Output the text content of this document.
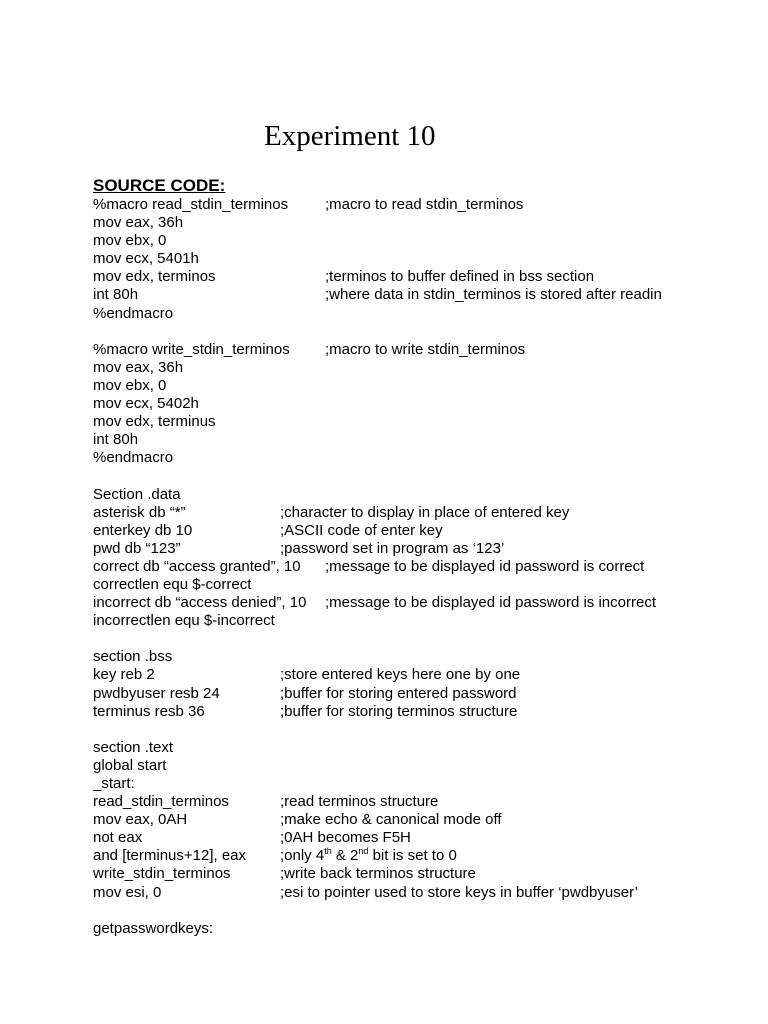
Experiment 10
SOURCE CODE:
%macro read_stdin_terminos ;macro to read stdin_terminos
mov eax, 36h
mov ebx, 0
mov ecx, 5401h
mov edx, terminos	;terminos to buffer defined in bss section
int 80h	;where data in stdin_terminos is stored after readin
%endmacro
%macro write_stdin_terminos ;macro to write stdin_terminos
mov eax, 36h
mov ebx, 0
mov ecx, 5402h
mov edx, terminus
int 80h
%endmacro
Section .data
asterisk db “*”	;character to display in place of entered key
enterkey db 10	;ASCII code of enter key
pwd db “123”	;password set in program as ‘123’
correct db “access granted”, 10 ;message to be displayed id password is correct
correctlen equ $-correct
incorrect db “access denied”, 10 ;message to be displayed id password is incorrect
incorrectlen equ $-incorrect
section .bss
key reb 2	;store entered keys here one by one
pwdbyuser resb 24	;buffer for storing entered password
terminus resb 36	;buffer for storing terminos structure
section .text
global start
_start:
read_stdin_terminos	;read terminos structure
mov eax, 0AH	;make echo & canonical mode off
not eax	;0AH becomes F5H
and [terminus+12], eax ;only 4th & 2nd bit is set to 0
write_stdin_terminos	;write back terminos structure
mov esi, 0	;esi to pointer used to store keys in buffer ‘pwdbyuser’
getpasswordkeys:
